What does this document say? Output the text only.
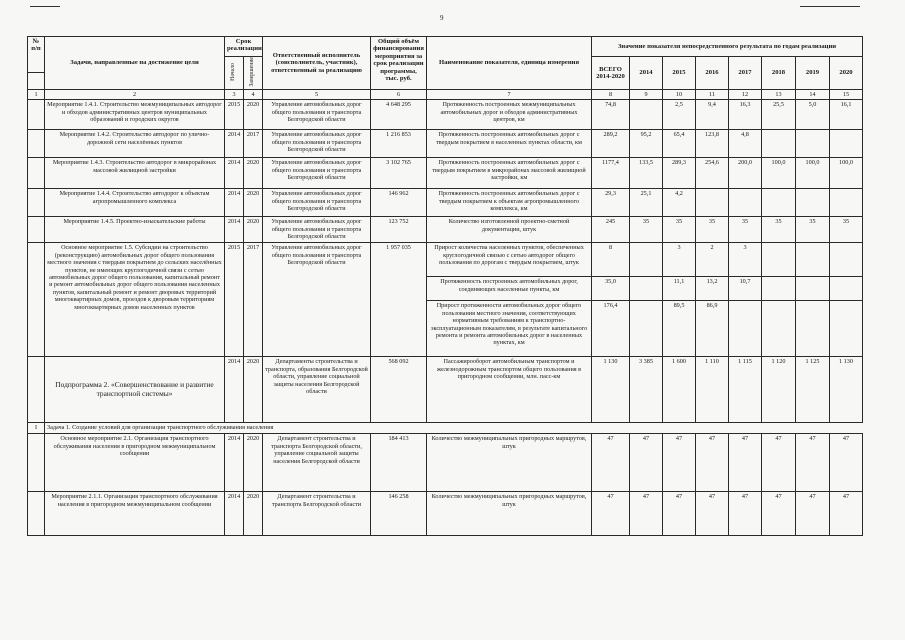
9
№ п/п	Задачи, направленные на достижение цели	Срок реализации		Ответственный исполнитель (соисполнитель, участник), ответственный за реализацию	Общий объём финансирования мероприятия за срок реализации программы, тыс. руб.	Наименование показателя, единица измерения	Значение показателя непосредственного результата по годам реализации							
		Начало	Завершение				ВСЕГО 2014-2020	2014	2015	2016	2017	2018	2019	2020

1	2	3	4	5	6	7	8	9	10	11	12	13	14	15
	Мероприятие 1.4.1. Строительство межмуниципальных автодорог и обходов административных центров муниципальных образований и городских округов	2015	2020	Управление автомобильных дорог общего пользования и транспорта Белгородской области	4 648 295	Протяженность построенных межмуниципальных автомобильных дорог и обходов административных центров, км	74,8		2,5	9,4	16,3	25,5	5,0	16,1
	Мероприятие 1.4.2. Строительство автодорог по улично-дорожной сети населённых пунктов	2014	2017	Управление автомобильных дорог общего пользования и транспорта Белгородской области	1 216 853	Протяженность построенных автомобильных дорог с твердым покрытием в населенных пунктах области, км	289,2	95,2	65,4	123,8	4,8			
	Мероприятие 1.4.3. Строительство автодорог в микрорайонах массовой жилищной застройки	2014	2020	Управление автомобильных дорог общего пользования и транспорта Белгородской области	3 102 765	Протяженность построенных автомобильных дорог с твердым покрытием в микрорайонах массовой жилищной застройки, км	1177,4	133,5	289,3	254,6	200,0	100,0	100,0	100,0
	Мероприятие 1.4.4. Строительство автодорог к объектам агропромышленного комплекса	2014	2020	Управление автомобильных дорог общего пользования и транспорта Белгородской области	146 962	Протяженность построенных автомобильных дорог с твердым покрытием к объектам агропромышленного комплекса, км	29,3	25,1	4,2					
	Мероприятие 1.4.5. Проектно-изыскательские работы	2014	2020	Управление автомобильных дорог общего пользования и транспорта Белгородской области	123 752	Количество изготовленной проектно-сметной документации, штук	245	35	35	35	35	35	35	35
	Основное мероприятие 1.5. Субсидии на строительство (реконструкцию) автомобильных дорог общего пользования местного значения с твердым покрытием до сельских населённых пунктов, не имеющих круглогодичной связи с сетью автомобильных дорог общего пользования, капитальный ремонт и ремонт автомобильных дорог общего пользования населенных пунктов, капитальный ремонт и ремонт дворовых территорий многоквартирных домов, проездов к дворовым территориям многоквартирных домов населенных пунктов	2015	2017	Управление автомобильных дорог общего пользования и транспорта Белгородской области	1 957 035	Прирост количества населенных пунктов, обеспеченных круглогодичной связью с сетью автодорог общего пользования по дорогам с твердым покрытием, штук	8		3	2	3			
						Протяженность построенных автомобильных дорог, соединяющих населенные пункты, км	35,0		11,1	13,2	10,7			
						Прирост протяженности автомобильных дорог общего пользования местного значения, соответствующих нормативным требованиям к транспортно-эксплуатационным показателям, в результате капитального ремонта и ремонта автомобильных дорог в населенных пунктах, км	176,4		89,5	86,9				
	Подпрограмма 2. «Совершенствование и развитие транспортной системы»	2014	2020	Департаменты строительства и транспорта, образования Белгородской области, управление социальной защиты населения Белгородской области	568 092	Пассажирооборот автомобильным транспортом и железнодорожным транспортом общего пользования в пригородном сообщении, млн. пасс-км	1 130	3 385	1 600	1 110	1 115	1 120	1 125	1 130
I	Задача 1. Создание условий для организации транспортного обслуживания населения													
	Основное мероприятие 2.1. Организация транспортного обслуживания населения в пригородном межмуниципальном сообщении	2014	2020	Департамент строительства и транспорта Белгородской области, управление социальной защиты населения Белгородской области	184 413	Количество межмуниципальных пригородных маршрутов, штук	47	47	47	47	47	47	47	47
	Мероприятие 2.1.1. Организация транспортного обслуживания населения в пригородном межмуниципальном сообщении	2014	2020	Департамент строительства и транспорта Белгородской области	146 258	Количество межмуниципальных пригородных маршрутов, штук	47	47	47	47	47	47	47	47
